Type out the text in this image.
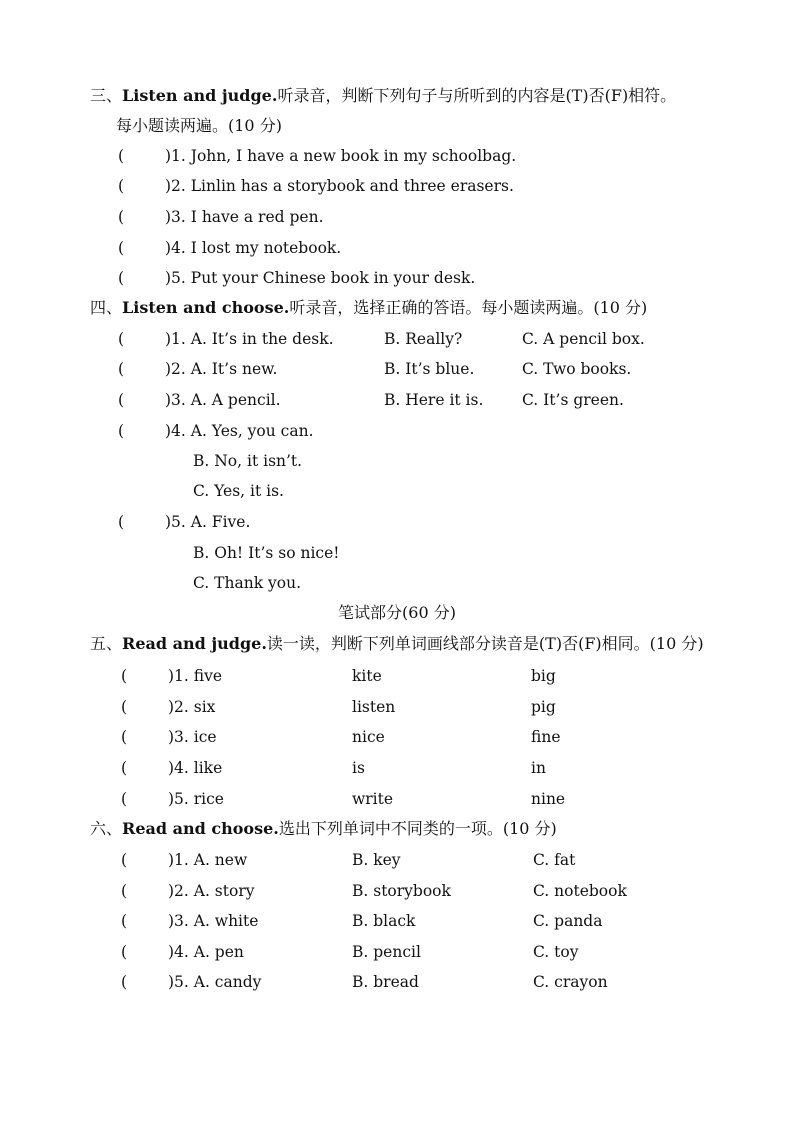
三、Listen and judge.听录音，判断下列句子与所听到的内容是(T)否(F)相符。
每小题读两遍。(10 分)
(	)1. John, I have a new book in my schoolbag.
(	)2. Linlin has a storybook and three erasers.
(	)3. I have a red pen.
(	)4. I lost my notebook.
(	)5. Put your Chinese book in your desk.
四、Listen and choose.听录音，选择正确的答语。每小题读两遍。(10 分)
(	)1. A. It’s in the desk.	B. Really?	C. A pencil box.
(	)2. A. It’s new.	B. It’s blue.	C. Two books.
(	)3. A. A pencil.	B. Here it is. C. It’s green.
(	)4. A. Yes, you can.
B. No, it isn’t.
C. Yes, it is.
(	)5. A. Five.
B. Oh! It’s so nice!
C. Thank you.
笔试部分(60 分)
五、Read and judge.读一读，判断下列单词画线部分读音是(T)否(F)相同。(10 分)
(	)1. five	kite	big
(	)2. six	listen	pig
(	)3. ice	nice	fine
(	)4. like	is	in
(	)5. rice	write	nine
六、Read and choose.选出下列单词中不同类的一项。(10 分)
(	)1. A. new	B. key	C. fat
(	)2. A. story	B. storybook	C. notebook
(	)3. A. white	B. black	C. panda
(	)4. A. pen	B. pencil	C. toy
(	)5. A. candy	B. bread	C. crayon
